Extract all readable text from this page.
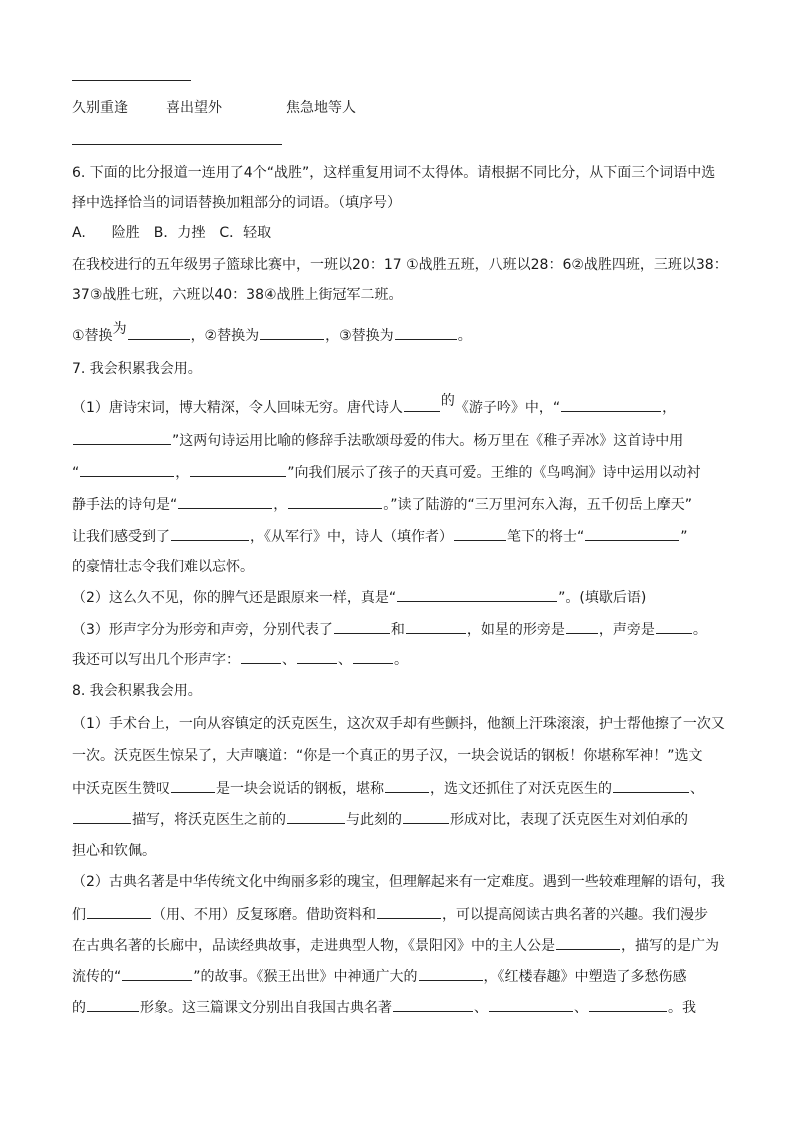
久别重逢	喜出望外	焦急地等人
6. 下面的比分报道一连用了4个“战胜”，这样重复用词不太得体。请根据不同比分，从下面三个词语中选
择中选择恰当的词语替换加粗部分的词语。（填序号）
A. 险胜 B．力挫 C．轻取
在我校进行的五年级男子篮球比赛中，一班以20：17 ①战胜五班，八班以28：6②战胜四班，三班以38：
37③战胜七班，六班以40：38④战胜上街冠军二班。
①替换为	，②替换为	，③替换为	。
7. 我会积累我会用。
（1）唐诗宋词，博大精深，令人回味无穷。唐代诗人	的《游子吟》中，“	，
”这两句诗运用比喻的修辞手法歌颂母爱的伟大。杨万里在《稚子弄冰》这首诗中用
“	，	”向我们展示了孩子的天真可爱。王维的《鸟鸣涧》诗中运用以动衬
静手法的诗句是“	，	。”读了陆游的“三万里河东入海，五千仞岳上摩天”
让我们感受到了	，《从军行》中，诗人（填作者）	笔下的将士“	”
的豪情壮志令我们难以忘怀。
（2）这么久不见，你的脾气还是跟原来一样，真是“	”。(填歇后语)
（3）形声字分为形旁和声旁，分别代表了	和	，如星的形旁是 ，声旁是	。
我还可以写出几个形声字：	、	、	。
8. 我会积累我会用。
（1）手术台上，一向从容镇定的沃克医生，这次双手却有些颤抖，他额上汗珠滚滚，护士帮他擦了一次又
一次。沃克医生惊呆了，大声嚷道：“你是一个真正的男子汉，一块会说话的钢板！你堪称军神！”选文
中沃克医生赞叹	是一块会说话的钢板，堪称	，选文还抓住了对沃克医生的	、
描写，将沃克医生之前的	与此刻的	形成对比，表现了沃克医生对刘伯承的
担心和钦佩。
（2）古典名著是中华传统文化中绚丽多彩的瑰宝，但理解起来有一定难度。遇到一些较难理解的语句，我
们	（用、不用）反复琢磨。借助资料和	，可以提高阅读古典名著的兴趣。我们漫步
在古典名著的长廊中，品读经典故事，走进典型人物，《景阳冈》中的主人公是	，描写的是广为
流传的“	”的故事。《猴王出世》中神通广大的	，《红楼春趣》中塑造了多愁伤感
的	形象。这三篇课文分别出自我国古典名著	、	、	。我
